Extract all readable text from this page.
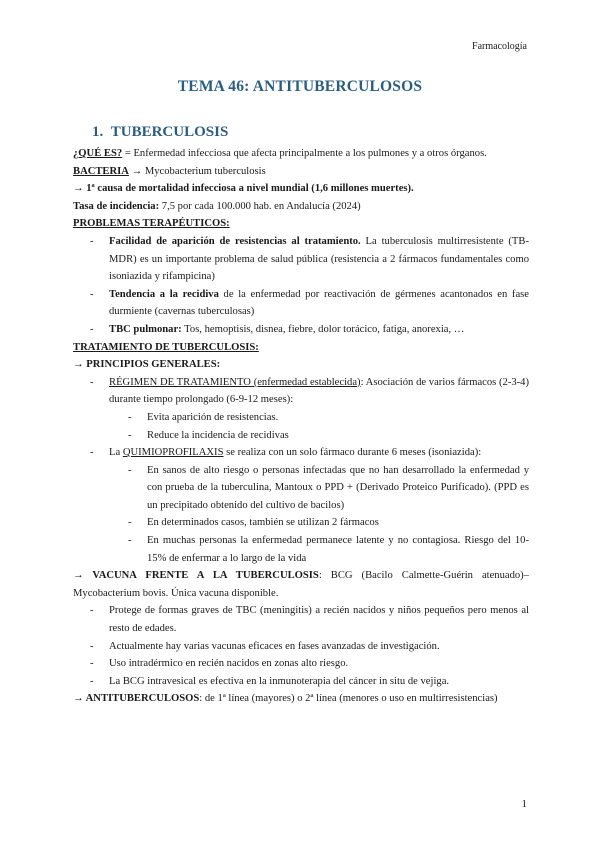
Farmacología
TEMA 46: ANTITUBERCULOSOS
1. TUBERCULOSIS

¿QUÉ ES? = Enfermedad infecciosa que afecta principalmente a los pulmones y a otros órganos.

BACTERIA → Mycobacterium tuberculosis

→ 1ª causa de mortalidad infecciosa a nivel mundial (1,6 millones muertes).

Tasa de incidencia: 7,5 por cada 100.000 hab. en Andalucía (2024)

PROBLEMAS TERAPÉUTICOS:

- Facilidad de aparición de resistencias al tratamiento. La tuberculosis multirresistente (TB-MDR) es un importante problema de salud pública (resistencia a 2 fármacos fundamentales como isoniazida y rifampicina)

- Tendencia a la recidiva de la enfermedad por reactivación de gérmenes acantonados en fase durmiente (cavernas tuberculosas)

- TBC pulmonar: Tos, hemoptisis, disnea, fiebre, dolor torácico, fatiga, anorexia, …

TRATAMIENTO DE TUBERCULOSIS:

→ PRINCIPIOS GENERALES:

- RÉGIMEN DE TRATAMIENTO (enfermedad establecida): Asociación de varios fármacos (2-3-4) durante tiempo prolongado (6-9-12 meses):

- Evita aparición de resistencias.

- Reduce la incidencia de recidivas

- La QUIMIOPROFILAXIS se realiza con un solo fármaco durante 6 meses (isoniazida):

- En sanos de alto riesgo o personas infectadas que no han desarrollado la enfermedad y con prueba de la tuberculina, Mantoux o PPD + (Derivado Proteico Purificado). (PPD es un precipitado obtenido del cultivo de bacilos)

- En determinados casos, también se utilizan 2 fármacos

- En muchas personas la enfermedad permanece latente y no contagiosa. Riesgo del 10-15% de enfermar a lo largo de la vida

→ VACUNA FRENTE A LA TUBERCULOSIS: BCG (Bacilo Calmette-Guérin atenuado)– Mycobacterium bovis. Única vacuna disponible.

- Protege de formas graves de TBC (meningitis) a recién nacidos y niños pequeños pero menos al resto de edades.

- Actualmente hay varias vacunas eficaces en fases avanzadas de investigación.

- Uso intradérmico en recién nacidos en zonas alto riesgo.

- La BCG intravesical es efectiva en la inmunoterapia del cáncer in situ de vejiga.

→ ANTITUBERCULOSOS: de 1ª línea (mayores) o 2ª línea (menores o uso en multirresistencias)

1
